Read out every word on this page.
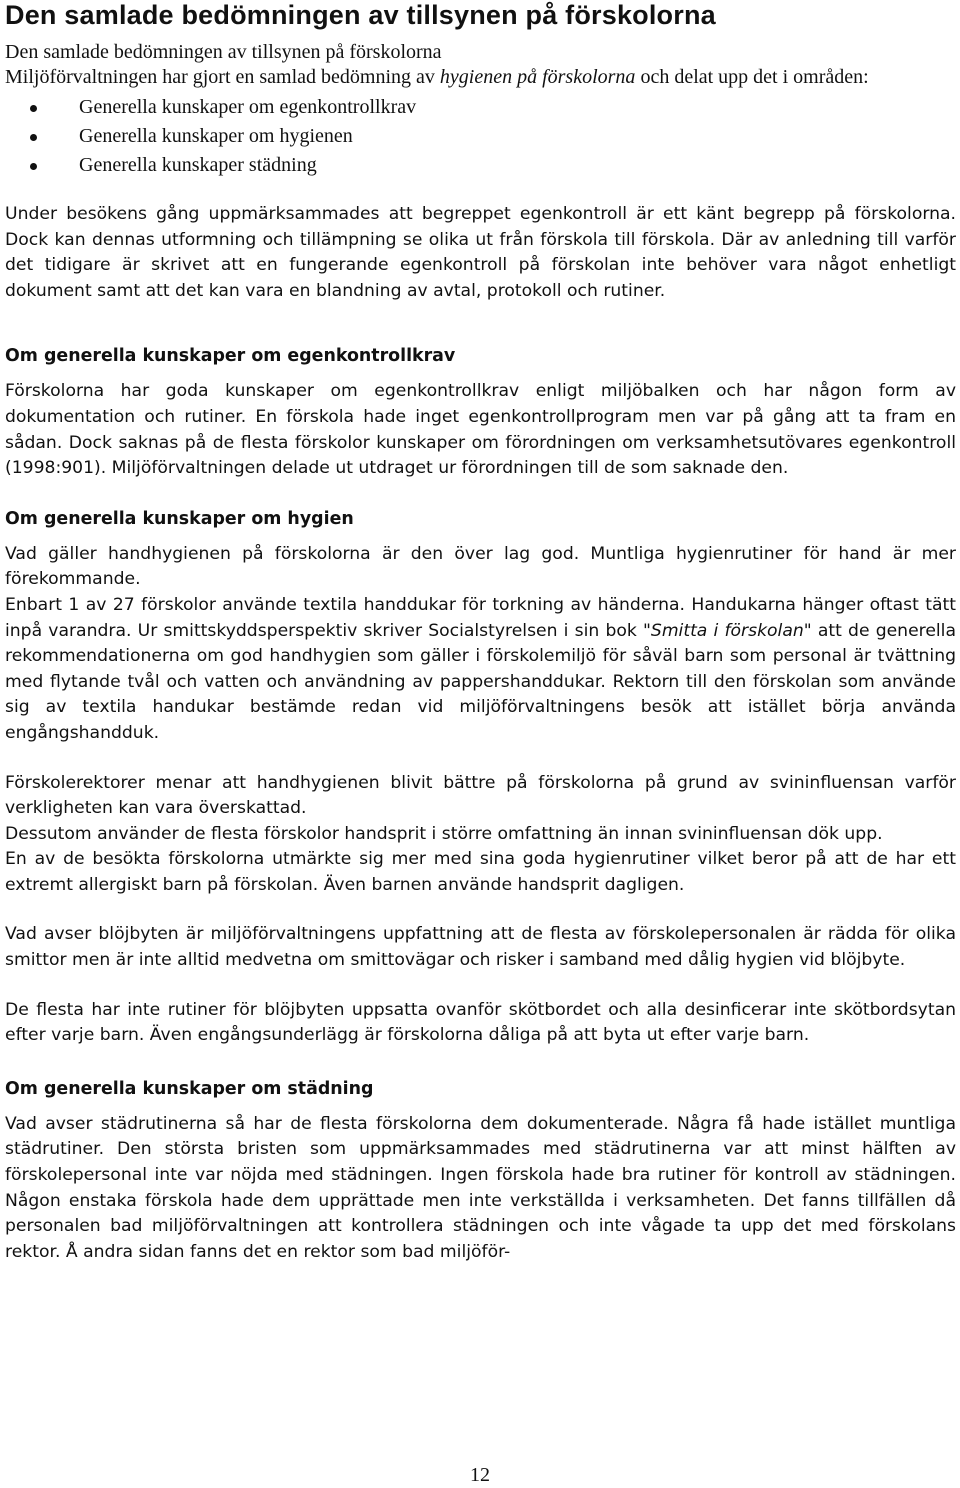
Den samlade bedömningen av tillsynen på förskolorna
Den samlade bedömningen av tillsynen på förskolorna
Miljöförvaltningen har gjort en samlad bedömning av hygienen på förskolorna och delat upp det i områden:
Generella kunskaper om egenkontrollkrav
Generella kunskaper om hygienen
Generella kunskaper städning

Under besökens gång uppmärksammades att begreppet egenkontroll är ett känt begrepp på förskolorna. Dock kan dennas utformning och tillämpning se olika ut från förskola till förskola. Där av anledning till varför det tidigare är skrivet att en fungerande egenkontroll på förskolan inte behöver vara något enhetligt dokument samt att det kan vara en blandning av avtal, protokoll och rutiner.

Om generella kunskaper om egenkontrollkrav

Förskolorna har goda kunskaper om egenkontrollkrav enligt miljöbalken och har någon form av dokumentation och rutiner. En förskola hade inget egenkontrollprogram men var på gång att ta fram en sådan. Dock saknas på de flesta förskolor kunskaper om förordningen om verksamhetsutövares egenkontroll (1998:901). Miljöförvaltningen delade ut utdraget ur förordningen till de som saknade den.

Om generella kunskaper om hygien

Vad gäller handhygienen på förskolorna är den över lag god. Muntliga hygienrutiner för hand är mer förekommande.

Enbart 1 av 27 förskolor använde textila handdukar för torkning av händerna. Handukarna hänger oftast tätt inpå varandra. Ur smittskyddsperspektiv skriver Socialstyrelsen i sin bok "Smitta i förskolan" att de generella rekommendationerna om god handhygien som gäller i förskolemiljö för såväl barn som personal är tvättning med flytande tvål och vatten och användning av pappershanddukar. Rektorn till den förskolan som använde sig av textila handukar bestämde redan vid miljöförvaltningens besök att istället börja använda engångshandduk.

Förskolerektorer menar att handhygienen blivit bättre på förskolorna på grund av svininfluensan varför verkligheten kan vara överskattad.

Dessutom använder de flesta förskolor handsprit i större omfattning än innan svininfluensan dök upp.

En av de besökta förskolorna utmärkte sig mer med sina goda hygienrutiner vilket beror på att de har ett extremt allergiskt barn på förskolan. Även barnen använde handsprit dagligen.

Vad avser blöjbyten är miljöförvaltningens uppfattning att de flesta av förskolepersonalen är rädda för olika smittor men är inte alltid medvetna om smittovägar och risker i samband med dålig hygien vid blöjbyte.

De flesta har inte rutiner för blöjbyten uppsatta ovanför skötbordet och alla desinficerar inte skötbordsytan efter varje barn. Även engångsunderlägg är förskolorna dåliga på att byta ut efter varje barn.

Om generella kunskaper om städning

Vad avser städrutinerna så har de flesta förskolorna dem dokumenterade. Några få hade istället muntliga städrutiner. Den största bristen som uppmärksammades med städrutinerna var att minst hälften av förskolepersonal inte var nöjda med städningen. Ingen förskola hade bra rutiner för kontroll av städningen. Någon enstaka förskola hade dem upprättade men inte verkställda i verksamheten. Det fanns tillfällen då personalen bad miljöförvaltningen att kontrollera städningen och inte vågade ta upp det med förskolans rektor. Å andra sidan fanns det en rektor som bad miljöför-

12
